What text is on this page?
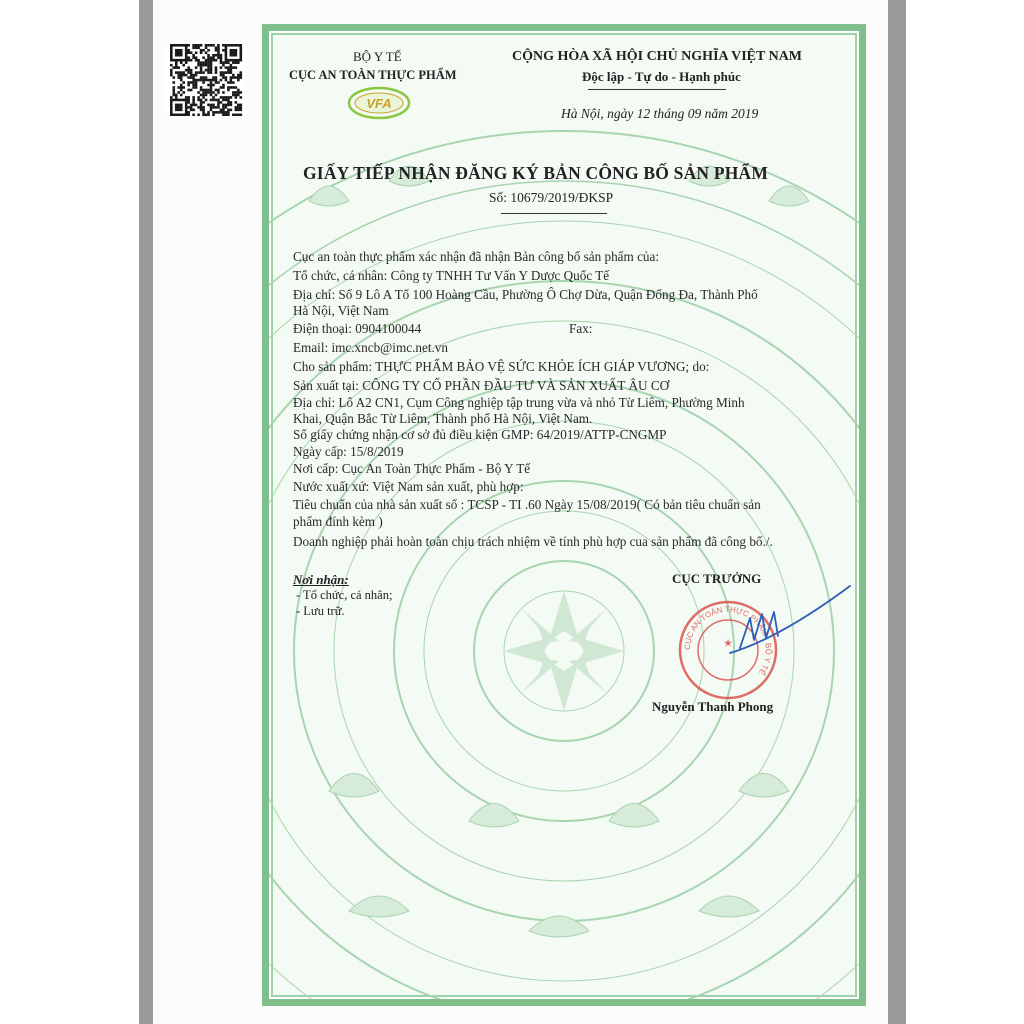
VFA
BỘ Y TẾ
CỤC AN TOÀN THỰC PHẨM
CỘNG HÒA XÃ HỘI CHỦ NGHĨA VIỆT NAM
Độc lập - Tự do - Hạnh phúc
Hà Nội, ngày 12 tháng 09 năm 2019
GIẤY TIẾP NHẬN ĐĂNG KÝ BẢN CÔNG BỐ SẢN PHẨM
Số: 10679/2019/ĐKSP
Cục an toàn thực phẩm xác nhận đã nhận Bản công bố sản phẩm của:
Tổ chức, cá nhân: Công ty TNHH Tư Vấn Y Dược Quốc Tế
Địa chỉ: Số 9 Lô A Tổ 100 Hoàng Cầu, Phường Ô Chợ Dừa, Quận Đống Đa, Thành Phố
Hà Nội, Việt Nam
Điện thoại: 0904100044	Fax:
Email: imc.xncb@imc.net.vn
Cho sản phẩm: THỰC PHẨM BẢO VỆ SỨC KHỎE ÍCH GIÁP VƯƠNG; do:
Sản xuất tại: CÔNG TY CỔ PHẦN ĐẦU TƯ VÀ SẢN XUẤT ÂU CƠ
Địa chỉ: Lô A2 CN1, Cụm Công nghiệp tập trung vừa và nhỏ Từ Liêm, Phường Minh
Khai, Quận Bắc Từ Liêm, Thành phố Hà Nội, Việt Nam.
Số giấy chứng nhận cơ sở đủ điều kiện GMP: 64/2019/ATTP-CNGMP
Ngày cấp: 15/8/2019
Nơi cấp: Cục An Toàn Thực Phẩm - Bộ Y Tế
Nước xuất xứ: Việt Nam sản xuất, phù hợp:
Tiêu chuẩn của nhà sản xuất số : TCSP - TI .60 Ngày 15/08/2019( Có bản tiêu chuẩn sản
phẩm đính kèm )
Doanh nghiệp phải hoàn toàn chịu trách nhiệm về tính phù hợp cua sản phẩm đã công bố./.
Nơi nhận:
- Tổ chức, cá nhân;
- Lưu trữ.
CỤC TRƯỞNG
Nguyễn Thanh Phong
CỤC AN TOÀN THỰC PHẨM · BỘ Y TẾ
★
